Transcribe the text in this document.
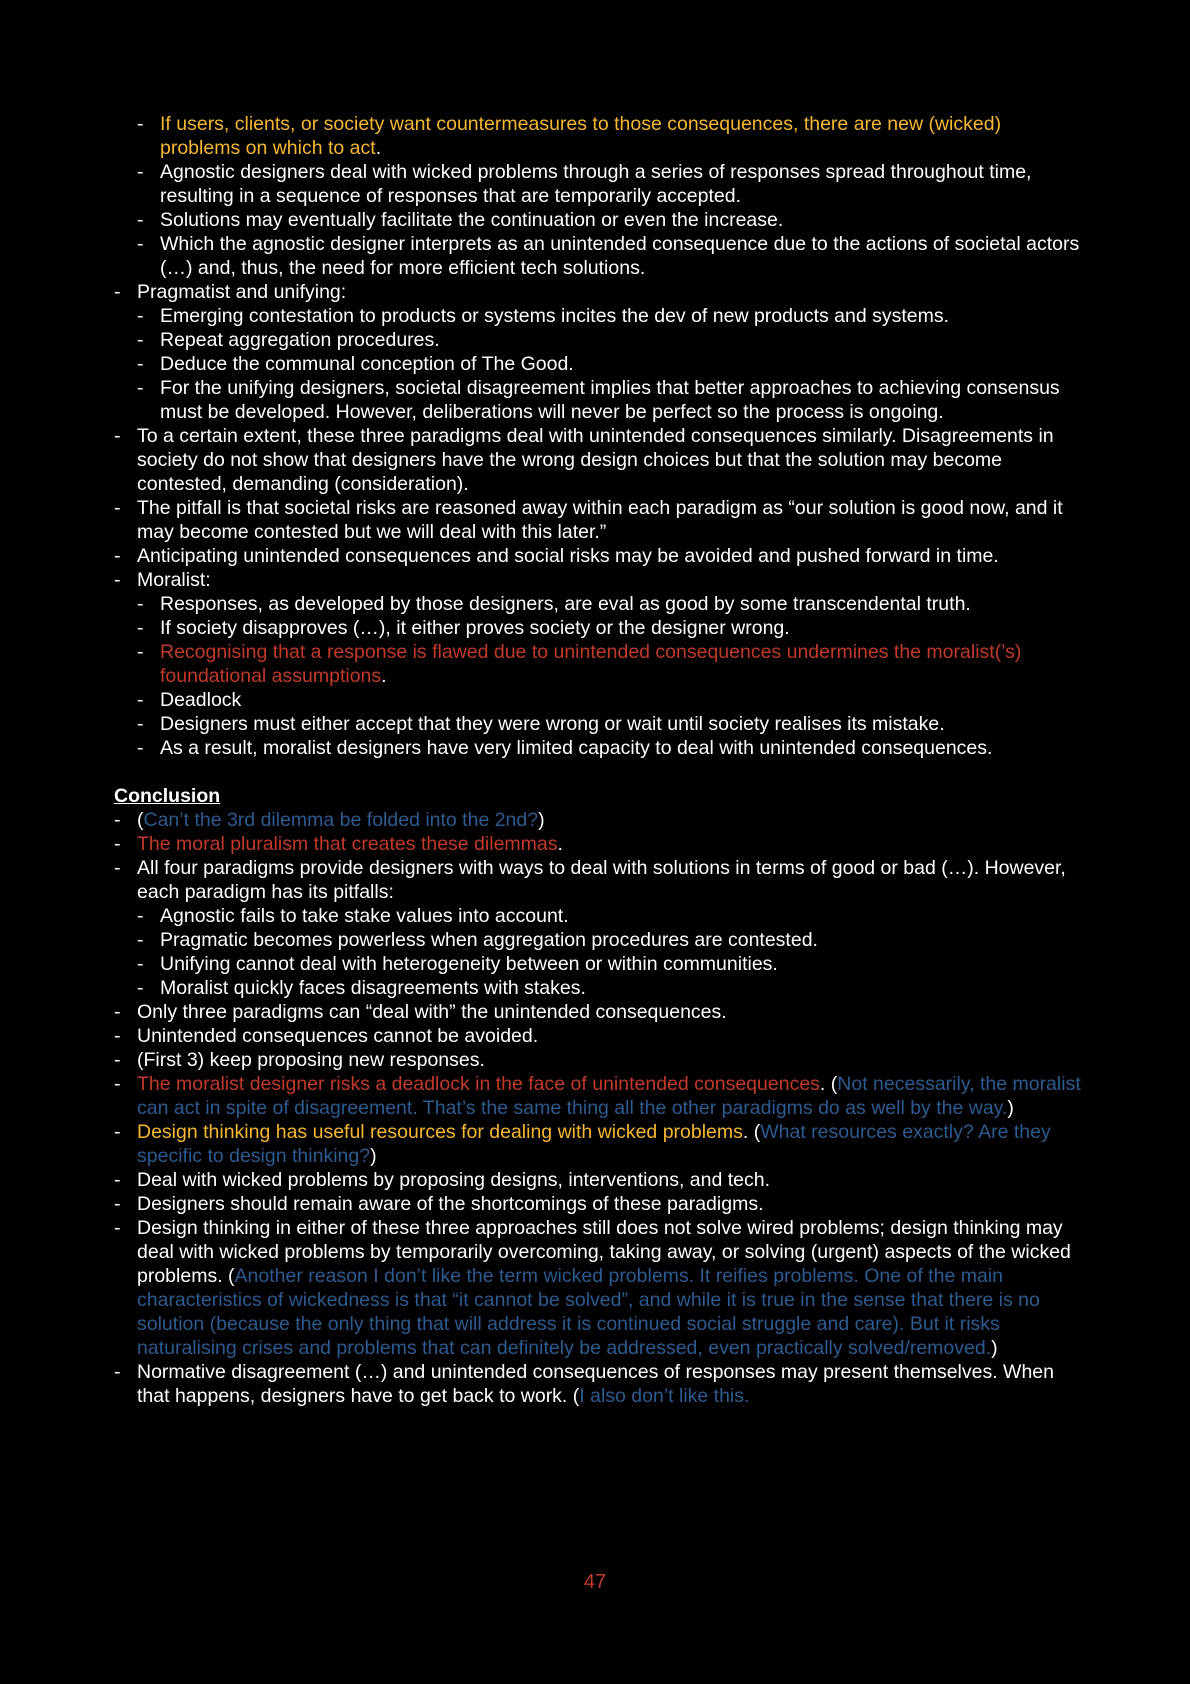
- If users, clients, or society want countermeasures to those consequences, there are new (wicked) problems on which to act.
- Agnostic designers deal with wicked problems through a series of responses spread throughout time, resulting in a sequence of responses that are temporarily accepted.
- Solutions may eventually facilitate the continuation or even the increase.
- Which the agnostic designer interprets as an unintended consequence due to the actions of societal actors (…) and, thus, the need for more efficient tech solutions.
- Pragmatist and unifying:
- Emerging contestation to products or systems incites the dev of new products and systems.
- Repeat aggregation procedures.
- Deduce the communal conception of The Good.
- For the unifying designers, societal disagreement implies that better approaches to achieving consensus must be developed. However, deliberations will never be perfect so the process is ongoing.
- To a certain extent, these three paradigms deal with unintended consequences similarly. Disagreements in society do not show that designers have the wrong design choices but that the solution may become contested, demanding (consideration).
- The pitfall is that societal risks are reasoned away within each paradigm as “our solution is good now, and it may become contested but we will deal with this later.”
- Anticipating unintended consequences and social risks may be avoided and pushed forward in time.
- Moralist:
- Responses, as developed by those designers, are eval as good by some transcendental truth.
- If society disapproves (…), it either proves society or the designer wrong.
- Recognising that a response is flawed due to unintended consequences undermines the moralist(’s) foundational assumptions.
- Deadlock
- Designers must either accept that they were wrong or wait until society realises its mistake.
- As a result, moralist designers have very limited capacity to deal with unintended consequences.
Conclusion
- (Can’t the 3rd dilemma be folded into the 2nd?)
- The moral pluralism that creates these dilemmas.
- All four paradigms provide designers with ways to deal with solutions in terms of good or bad (…). However, each paradigm has its pitfalls:
- Agnostic fails to take stake values into account.
- Pragmatic becomes powerless when aggregation procedures are contested.
- Unifying cannot deal with heterogeneity between or within communities.
- Moralist quickly faces disagreements with stakes.
- Only three paradigms can “deal with” the unintended consequences.
- Unintended consequences cannot be avoided.
- (First 3) keep proposing new responses.
- The moralist designer risks a deadlock in the face of unintended consequences. (Not necessarily, the moralist can act in spite of disagreement. That’s the same thing all the other paradigms do as well by the way.)
- Design thinking has useful resources for dealing with wicked problems. (What resources exactly? Are they specific to design thinking?)
- Deal with wicked problems by proposing designs, interventions, and tech.
- Designers should remain aware of the shortcomings of these paradigms.
- Design thinking in either of these three approaches still does not solve wired problems; design thinking may deal with wicked problems by temporarily overcoming, taking away, or solving (urgent) aspects of the wicked problems. (Another reason I don’t like the term wicked problems. It reifies problems. One of the main characteristics of wickedness is that “it cannot be solved”, and while it is true in the sense that there is no solution (because the only thing that will address it is continued social struggle and care). But it risks naturalising crises and problems that can definitely be addressed, even practically solved/removed.)
- Normative disagreement (…) and unintended consequences of responses may present themselves. When that happens, designers have to get back to work. (I also don’t like this.
47
